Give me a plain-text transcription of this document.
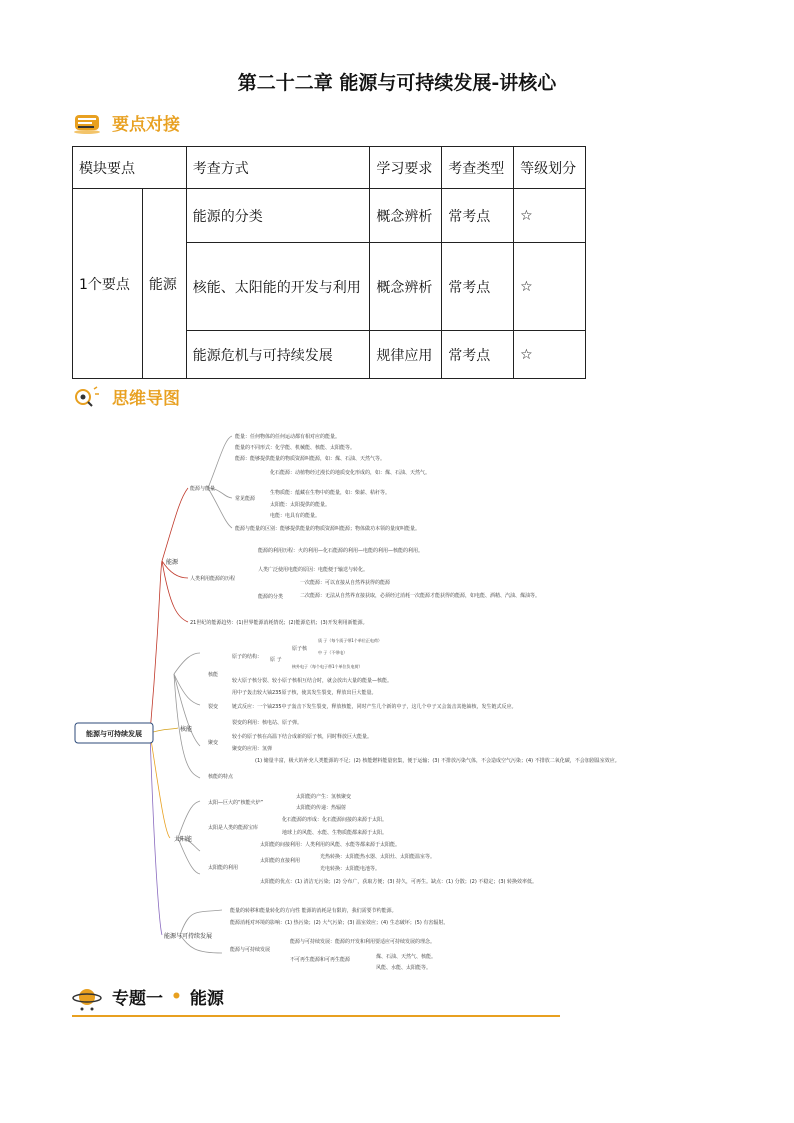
第二十二章 能源与可持续发展-讲核心
要点对接
模块要点		考查方式	学习要求	考查类型	等级划分
1个要点	能源	能源的分类	概念辨析	常考点	☆
		核能、太阳能的开发与利用	概念辨析	常考点	☆
		能源危机与可持续发展	规律应用	常考点	☆
思维导图
能源与可持续发展
能源
核能
太阳能
能源与可持续发展
能源与能量
能量：任何物体的任何运动都有相对应的能量。
能量的不同形式：化学能、机械能、核能、太阳能等。
能源：能够提供能量的物质资源叫能源，如：煤、石油、天然气等。
常见能源
化石能源：动植物经过漫长的地质变化形成的，如：煤、石油、天然气。
生物质能：蕴藏在生物中的能量，如：柴薪、秸秆等。
太阳能：太阳提供的能量。
电能：电具有的能量。
能源与能量的区别：能够提供能量的物质资源叫能源；物体做功本领的量度叫能量。
人类利用能源的历程
能源的利用历程：火的利用—化石能源的利用—电能的利用—核能的利用。
人类广泛使用电能的原因：电能便于输送与转化。
能源的分类
一次能源：可以直接从自然界获得的能源
二次能源：无法从自然界直接获取，必须经过消耗一次能源才能获得的能源，如电能、酒精、汽油、煤油等。
21世纪的能源趋势：(1)世界能源消耗情况；(2)能源危机；(3)开发利用新能源。
原子的结构： 原 子
原子核
质 子（每个质子带1个单位正电荷）
中 子（不带电）
核外电子（每个电子带1个单位负电荷）
核能
较大原子核分裂、较小原子核相互结合时，就会放出大量的能量—核能。
裂变
用中子轰击较大铀235原子核，使其发生裂变，释放出巨大能量。
链式反应：一个铀235中子轰击下发生裂变，释放核能，同时产生几个新的中子，这几个中子又会轰击其他铀核，发生链式反应。
裂变的利用：核电站、原子弹。
聚变
较小的原子核在高温下结合成新的原子核，同时释放巨大能量。
聚变的应用：氢弹
核能的特点
(1) 储量丰富，极大的补充人类能源的不足；(2) 核能燃料能量密集，便于运输；(3) 不排放污染气体，不会造成空气污染；(4) 不排放二氧化碳，不会加剧温室效应。
太阳—巨大的“核能火炉”
太阳能的产生：氢核聚变
太阳能的传递：热辐射
太阳是人类的能源宝库
化石能源的形成：化石能源间接的来源于太阳。
地球上的风能、水能、生物质能都来源于太阳。
太阳能的利用
太阳能的间接利用：人类利用的风能、水能等都来源于太阳能。
太阳能的直接利用
光热转换：太阳能热水器、太阳灶、太阳能温室等。
光电转换：太阳能电池等。
太阳能的优点：(1) 清洁无污染；(2) 分布广，获取方便；(3) 持久，可再生。缺点：(1) 分散；(2) 不稳定；(3) 转换效率低。
能量的转移和能量转化的方向性 能源的消耗是有限的，我们需要节约能源。
能源消耗对环境的影响：(1) 热污染；(2) 大气污染；(3) 温室效应；(4) 生态破坏；(5) 有害辐射。
能源与可持续发展
能源与可持续发展：能源的开发和利用要适应可持续发展的理念。
不可再生能源和可再生能源	煤、石油、天然气、核能。
风能、水能、太阳能等。
专题一 • 能源
